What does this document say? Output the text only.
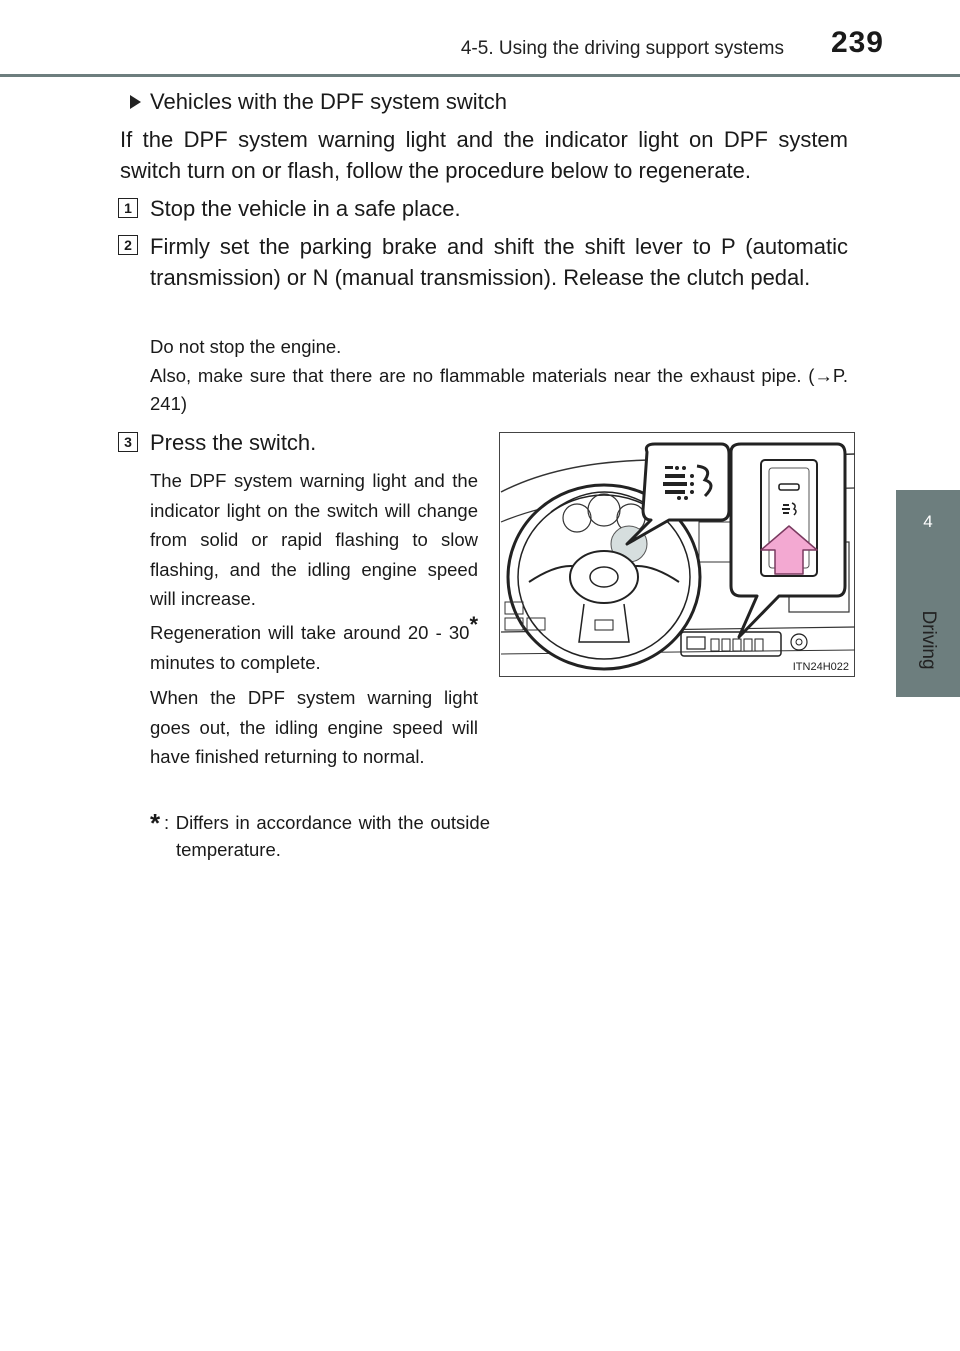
4-5. Using the driving support systems 239
4
Driving
Vehicles with the DPF system switch
If the DPF system warning light and the indicator light on DPF system switch turn on or flash, follow the procedure below to regenerate.
1 Stop the vehicle in a safe place.
2 Firmly set the parking brake and shift the shift lever to P (automatic transmission) or N (manual transmission). Release the clutch pedal.
Do not stop the engine.
Also, make sure that there are no flammable materials near the exhaust pipe. (→P. 241)
3 Press the switch.
The DPF system warning light and the indicator light on the switch will change from solid or rapid flashing to slow flashing, and the idling engine speed will increase.
Regeneration will take around 20 - 30* minutes to complete.
When the DPF system warning light goes out, the idling engine speed will have finished returning to normal.
* : Differs in accordance with the outside temperature.
ITN24H022
